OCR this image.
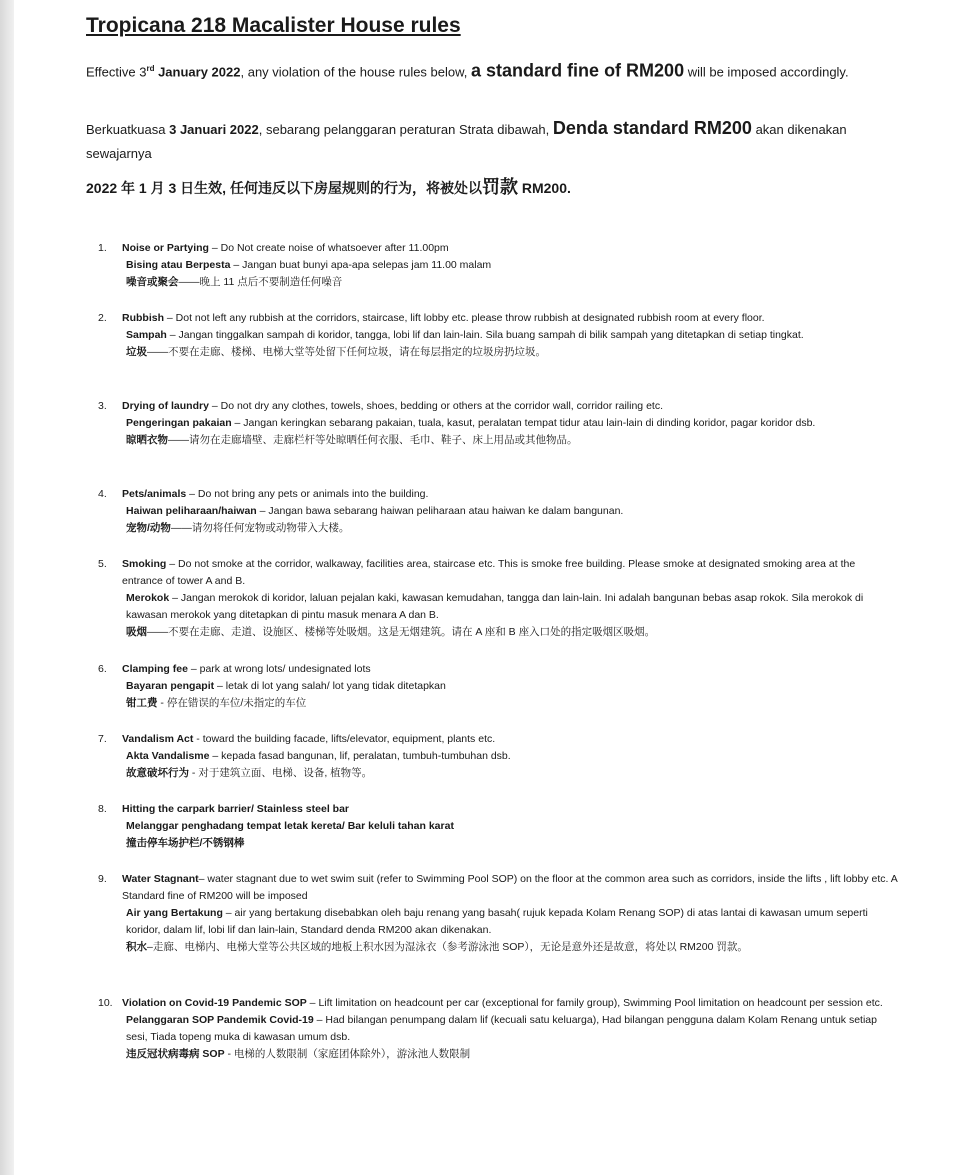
Tropicana 218 Macalister House rules
Effective 3rd January 2022, any violation of the house rules below, a standard fine of RM200 will be imposed accordingly.
Berkuatkuasa 3 Januari 2022, sebarang pelanggaran peraturan Strata dibawah, Denda standard RM200 akan dikenakan sewajarnya
2022 年 1 月 3 日生效, 任何违反以下房屋规则的行为，将被处以罚款 RM200.
1. Noise or Partying – Do Not create noise of whatsoever after 11.00pm
Bising atau Berpesta – Jangan buat bunyi apa-apa selepas jam 11.00 malam
噪音或聚会——晚上 11 点后不要制造任何噪音
2. Rubbish – Dot not left any rubbish at the corridors, staircase, lift lobby etc. please throw rubbish at designated rubbish room at every floor.
Sampah – Jangan tinggalkan sampah di koridor, tangga, lobi lif dan lain-lain. Sila buang sampah di bilik sampah yang ditetapkan di setiap tingkat.
垃圾——不要在走廊、楼梯、电梯大堂等处留下任何垃圾，请在每层指定的垃圾房扔垃圾。
3. Drying of laundry – Do not dry any clothes, towels, shoes, bedding or others at the corridor wall, corridor railing etc.
Pengeringan pakaian – Jangan keringkan sebarang pakaian, tuala, kasut, peralatan tempat tidur atau lain-lain di dinding koridor, pagar koridor dsb.
晾晒衣物——请勿在走廊墙壁、走廊栏杆等处晾晒任何衣服、毛巾、鞋子、床上用品或其他物品。
4. Pets/animals – Do not bring any pets or animals into the building.
Haiwan peliharaan/haiwan – Jangan bawa sebarang haiwan peliharaan atau haiwan ke dalam bangunan.
宠物/动物——请勿将任何宠物或动物带入大楼。
5. Smoking – Do not smoke at the corridor, walkaway, facilities area, staircase etc. This is smoke free building. Please smoke at designated smoking area at the entrance of tower A and B.
Merokok – Jangan merokok di koridor, laluan pejalan kaki, kawasan kemudahan, tangga dan lain-lain. Ini adalah bangunan bebas asap rokok. Sila merokok di kawasan merokok yang ditetapkan di pintu masuk menara A dan B.
吸烟——不要在走廊、走道、设施区、楼梯等处吸烟。这是无烟建筑。请在 A 座和 B 座入口处的指定吸烟区吸烟。
6. Clamping fee – park at wrong lots/ undesignated lots
Bayaran pengapit – letak di lot yang salah/ lot yang tidak ditetapkan
钳工费 - 停在错误的车位/未指定的车位
7. Vandalism Act - toward the building facade, lifts/elevator, equipment, plants etc.
Akta Vandalisme – kepada fasad bangunan, lif, peralatan, tumbuh-tumbuhan dsb.
故意破坏行为 - 对于建筑立面、电梯、设备, 植物等。
8. Hitting the carpark barrier/ Stainless steel bar
Melanggar penghadang tempat letak kereta/ Bar keluli tahan karat
撞击停车场护栏/不锈钢棒
9. Water Stagnant– water stagnant due to wet swim suit (refer to Swimming Pool SOP) on the floor at the common area such as corridors, inside the lifts , lift lobby etc. A Standard fine of RM200 will be imposed
Air yang Bertakung – air yang bertakung disebabkan oleh baju renang yang basah( rujuk kepada Kolam Renang SOP) di atas lantai di kawasan umum seperti koridor, dalam lif, lobi lif dan lain-lain, Standard denda RM200 akan dikenakan.
积水–走廊、电梯内、电梯大堂等公共区域的地板上积水因为湿泳衣（参考游泳池 SOP），无论是意外还是故意，将处以 RM200 罚款。
10. Violation on Covid-19 Pandemic SOP – Lift limitation on headcount per car (exceptional for family group), Swimming Pool limitation on headcount per session etc.
Pelanggaran SOP Pandemik Covid-19 – Had bilangan penumpang dalam lif (kecuali satu keluarga), Had bilangan pengguna dalam Kolam Renang untuk setiap sesi, Tiada topeng muka di kawasan umum dsb.
违反冠状病毒病 SOP - 电梯的人数限制（家庭团体除外），游泳池人数限制
